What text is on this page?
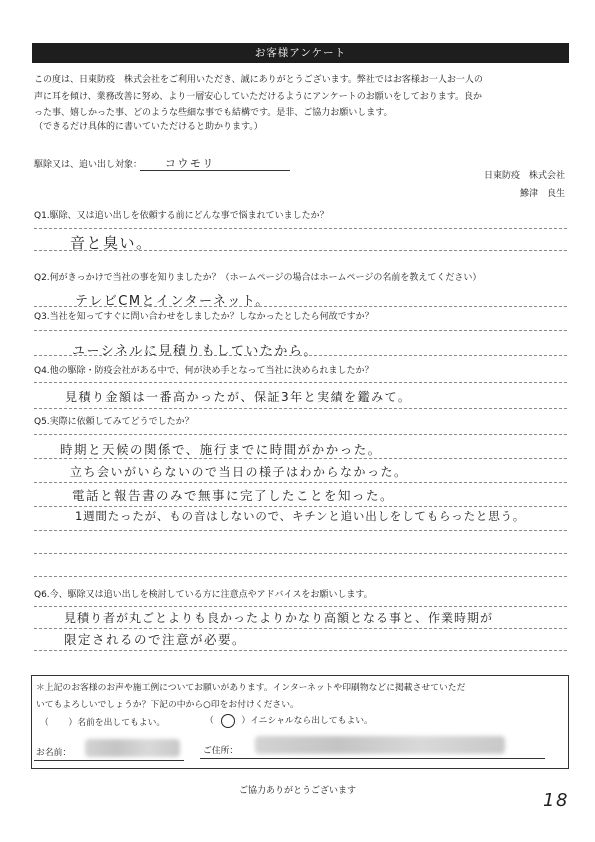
お客様アンケート

この度は、日東防疫　株式会社をご利用いただき、誠にありがとうございます。弊社ではお客様お一人お一人の

声に耳を傾け、業務改善に努め、より一層安心していただけるようにアンケートのお願いをしております。良か

った事、嬉しかった事、どのような些細な事でも結構です。是非、ご協力お願いします。

（できるだけ具体的に書いていただけると助かります。）

駆除又は、追い出し対象： コウモリ
日東防疫　株式会社
鰺津　良生
Q1.駆除、又は追い出しを依頼する前にどんな事で悩まれていましたか？
音と臭い。
Q2.何がきっかけで当社の事を知りましたか？（ホームページの場合はホームページの名前を教えてください）
テレビCMとインターネット。
Q3.当社を知ってすぐに問い合わせをしましたか？しなかったとしたら何故ですか？
ユーシネルに見積りもしていたから。
Q4.他の駆除・防疫会社がある中で、何が決め手となって当社に決められましたか？
見積り金額は一番高かったが、保証3年と実績を鑑みて。
Q5.実際に依頼してみてどうでしたか？
時期と天候の関係で、施行までに時間がかかった。
立ち会いがいらないので当日の様子はわからなかった。
電話と報告書のみで無事に完了したことを知った。
1週間たったが、もの音はしないので、キチンと追い出しをしてもらったと思う。
Q6.今、駆除又は追い出しを検討している方に注意点やアドバイスをお願いします。
見積り者が丸ごとよりも良かったよりかなり高額となる事と、作業時期が
限定されるので注意が必要。
＊上記のお客様のお声や施工例についてお願いがあります。インターネットや印刷物などに掲載させていただ
いてもよろしいでしょうか？下記の中から○印をお付けください。
（ ）名前を出してもよい。	（ ○ ）イニシャルなら出してもよい。
お名前：	ご住所：
ご協力ありがとうございます	18
